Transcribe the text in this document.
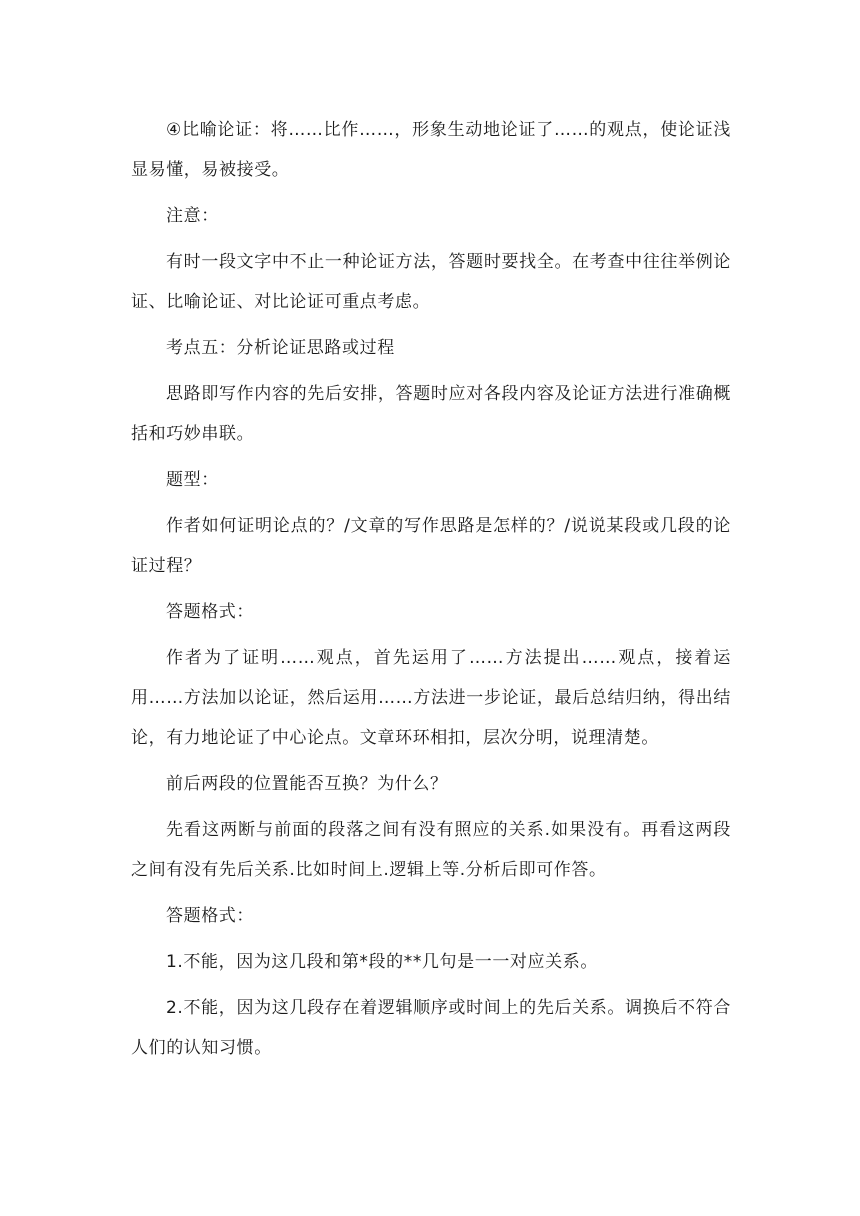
④比喻论证：将……比作……，形象生动地论证了……的观点，使论证浅显易懂，易被接受。

注意：

有时一段文字中不止一种论证方法，答题时要找全。在考查中往往举例论证、比喻论证、对比论证可重点考虑。

考点五：分析论证思路或过程

思路即写作内容的先后安排，答题时应对各段内容及论证方法进行准确概括和巧妙串联。

题型：

作者如何证明论点的？/文章的写作思路是怎样的？/说说某段或几段的论证过程？

答题格式：

作者为了证明……观点，首先运用了……方法提出……观点，接着运用……方法加以论证，然后运用……方法进一步论证，最后总结归纳，得出结论，有力地论证了中心论点。文章环环相扣，层次分明，说理清楚。

前后两段的位置能否互换？为什么？

先看这两断与前面的段落之间有没有照应的关系.如果没有。再看这两段之间有没有先后关系.比如时间上.逻辑上等.分析后即可作答。

答题格式：

1.不能，因为这几段和第*段的**几句是一一对应关系。

2.不能，因为这几段存在着逻辑顺序或时间上的先后关系。调换后不符合人们的认知习惯。
